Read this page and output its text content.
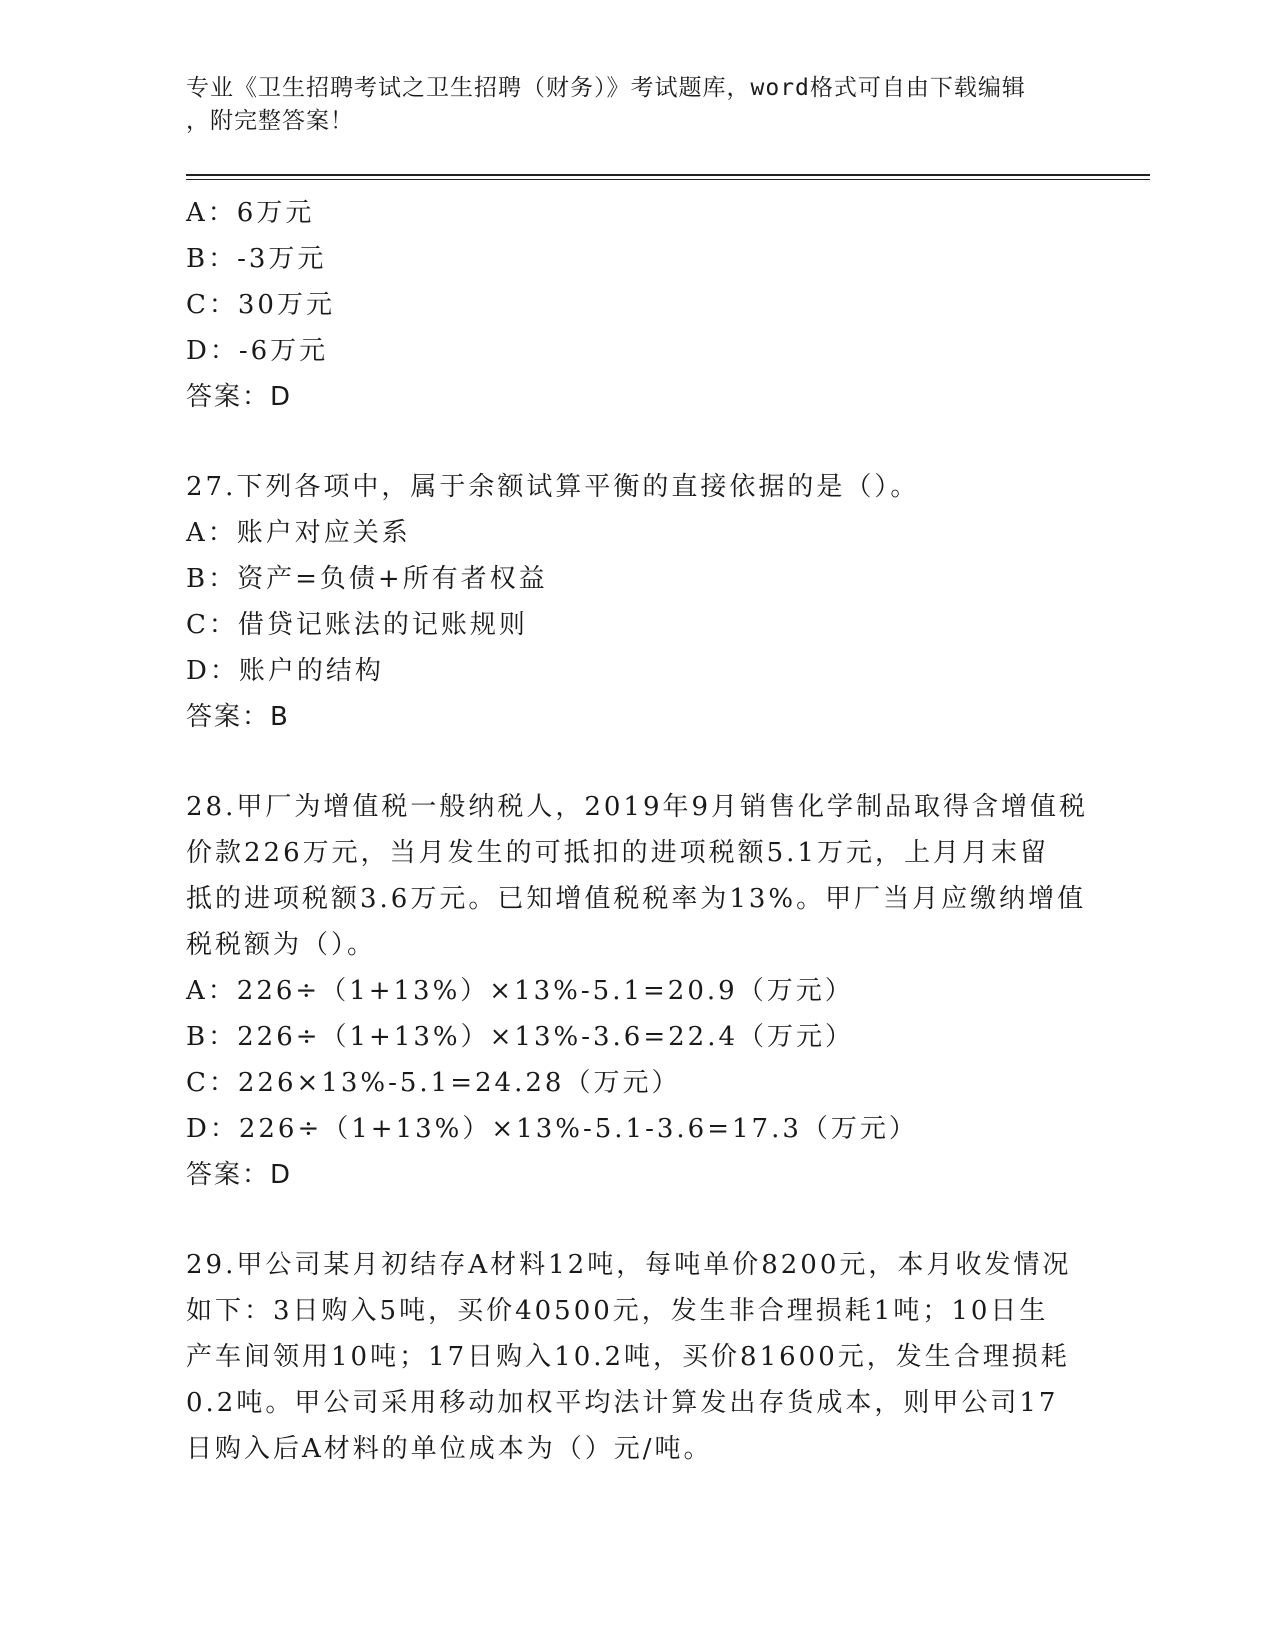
专业《卫生招聘考试之卫生招聘（财务）》考试题库，word格式可自由下载编辑
，附完整答案！
A：6万元
B：-3万元
C：30万元
D：-6万元
答案：D
27.下列各项中，属于余额试算平衡的直接依据的是（）。
A：账户对应关系
B：资产=负债+所有者权益
C：借贷记账法的记账规则
D：账户的结构
答案：B
28.甲厂为增值税一般纳税人，2019年9月销售化学制品取得含增值税
价款226万元，当月发生的可抵扣的进项税额5.1万元，上月月末留
抵的进项税额3.6万元。已知增值税税率为13%。甲厂当月应缴纳增值
税税额为（）。
A：226÷（1+13%）×13%-5.1=20.9（万元）
B：226÷（1+13%）×13%-3.6=22.4（万元）
C：226×13%-5.1=24.28（万元）
D：226÷（1+13%）×13%-5.1-3.6=17.3（万元）
答案：D
29.甲公司某月初结存A材料12吨，每吨单价8200元，本月收发情况
如下：3日购入5吨，买价40500元，发生非合理损耗1吨；10日生
产车间领用10吨；17日购入10.2吨，买价81600元，发生合理损耗
0.2吨。甲公司采用移动加权平均法计算发出存货成本，则甲公司17
日购入后A材料的单位成本为（）元/吨。
